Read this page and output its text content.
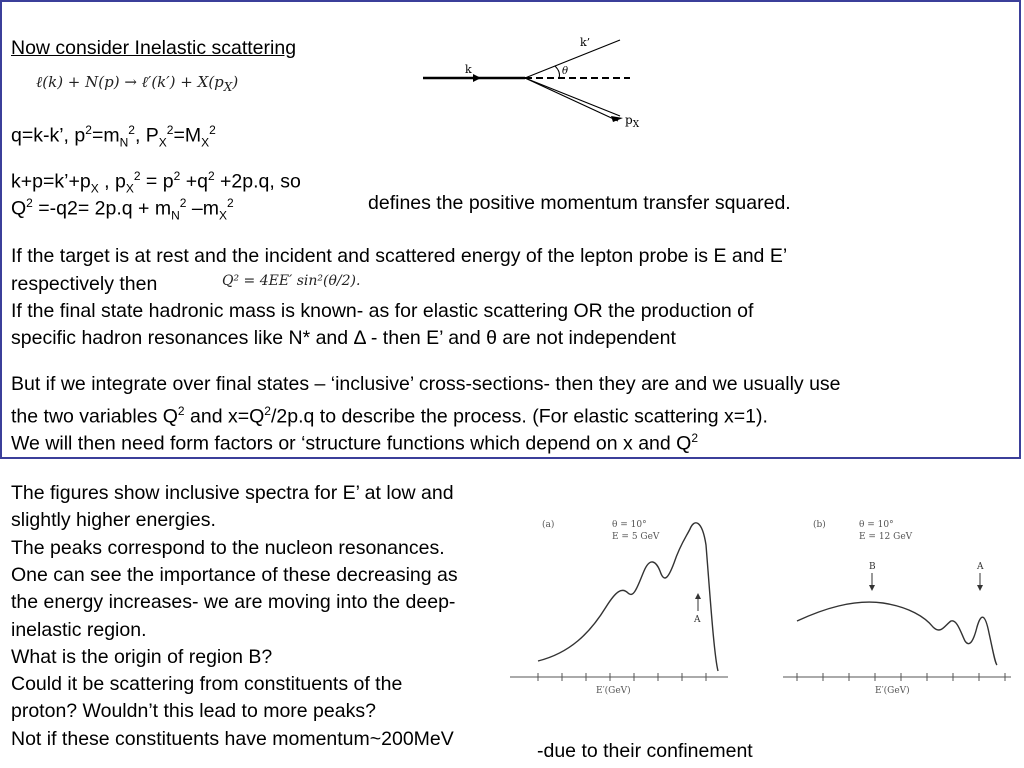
Now consider Inelastic scattering
ℓ(k) + N(p) → ℓ′(k′) + $X(p_X)$
q=k-k’, $p^2=m_N^2$, $P_X^2=M_X^2$
$k+p=k’+p_X$ , $p_X^2 = p^2 +q^2 +2p.q$, so
$Q^2 =-q2= 2p.q + m_N^2$ $-m_X^2$	defines the positive momentum transfer squared.
If the target is at rest and the incident and scattered energy of the lepton probe is E and E’
respectively then	Q² = 4EE′ sin²(θ/2).
If the final state hadronic mass is known- as for elastic scattering OR the production of
specific hadron resonances like N* and Δ - then E’ and θ are not independent
But if we integrate over final states – ‘inclusive’ cross-sections- then they are and we usually use
the two variables $Q^2$ and $x=Q^2/2p.q$ to describe the process. (For elastic scattering x=1).
We will then need form factors or ‘structure functions which depend on x and $Q^2$
k
k’
θ
$p_X$
The figures show inclusive spectra for E’ at low and
slightly higher energies.
The peaks correspond to the nucleon resonances.
One can see the importance of these decreasing as
the energy increases- we are moving into the deep-
inelastic region.
What is the origin of region B?
Could it be scattering from constituents of the
proton? Wouldn’t this lead to more peaks?
Not if these constituents have momentum~200MeV
-due to their confinement
(a)	θ = 10°
E = 5 GeV
A
E′(GeV)
(b)	θ = 10°
E = 12 GeV
B	A
E′(GeV)
